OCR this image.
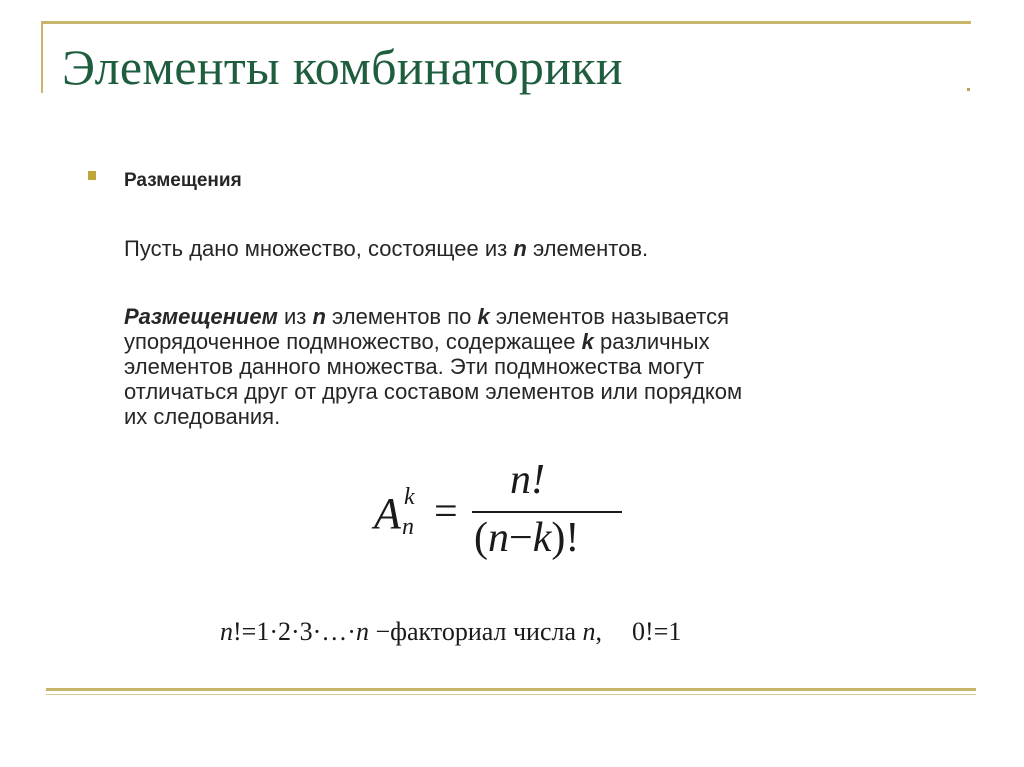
Элементы комбинаторики
Размещения
Пусть дано множество, состоящее из n элементов.
Размещением из n элементов по k элементов называется
упорядоченное подмножество, содержащее k различных
элементов данного множества. Эти подмножества могут
отличаться друг от друга составом элементов или порядком
их следования.
A k
n =
n!
(n−k)!
n!=1·2·3·…·n −факториал числа n, 0!=1
